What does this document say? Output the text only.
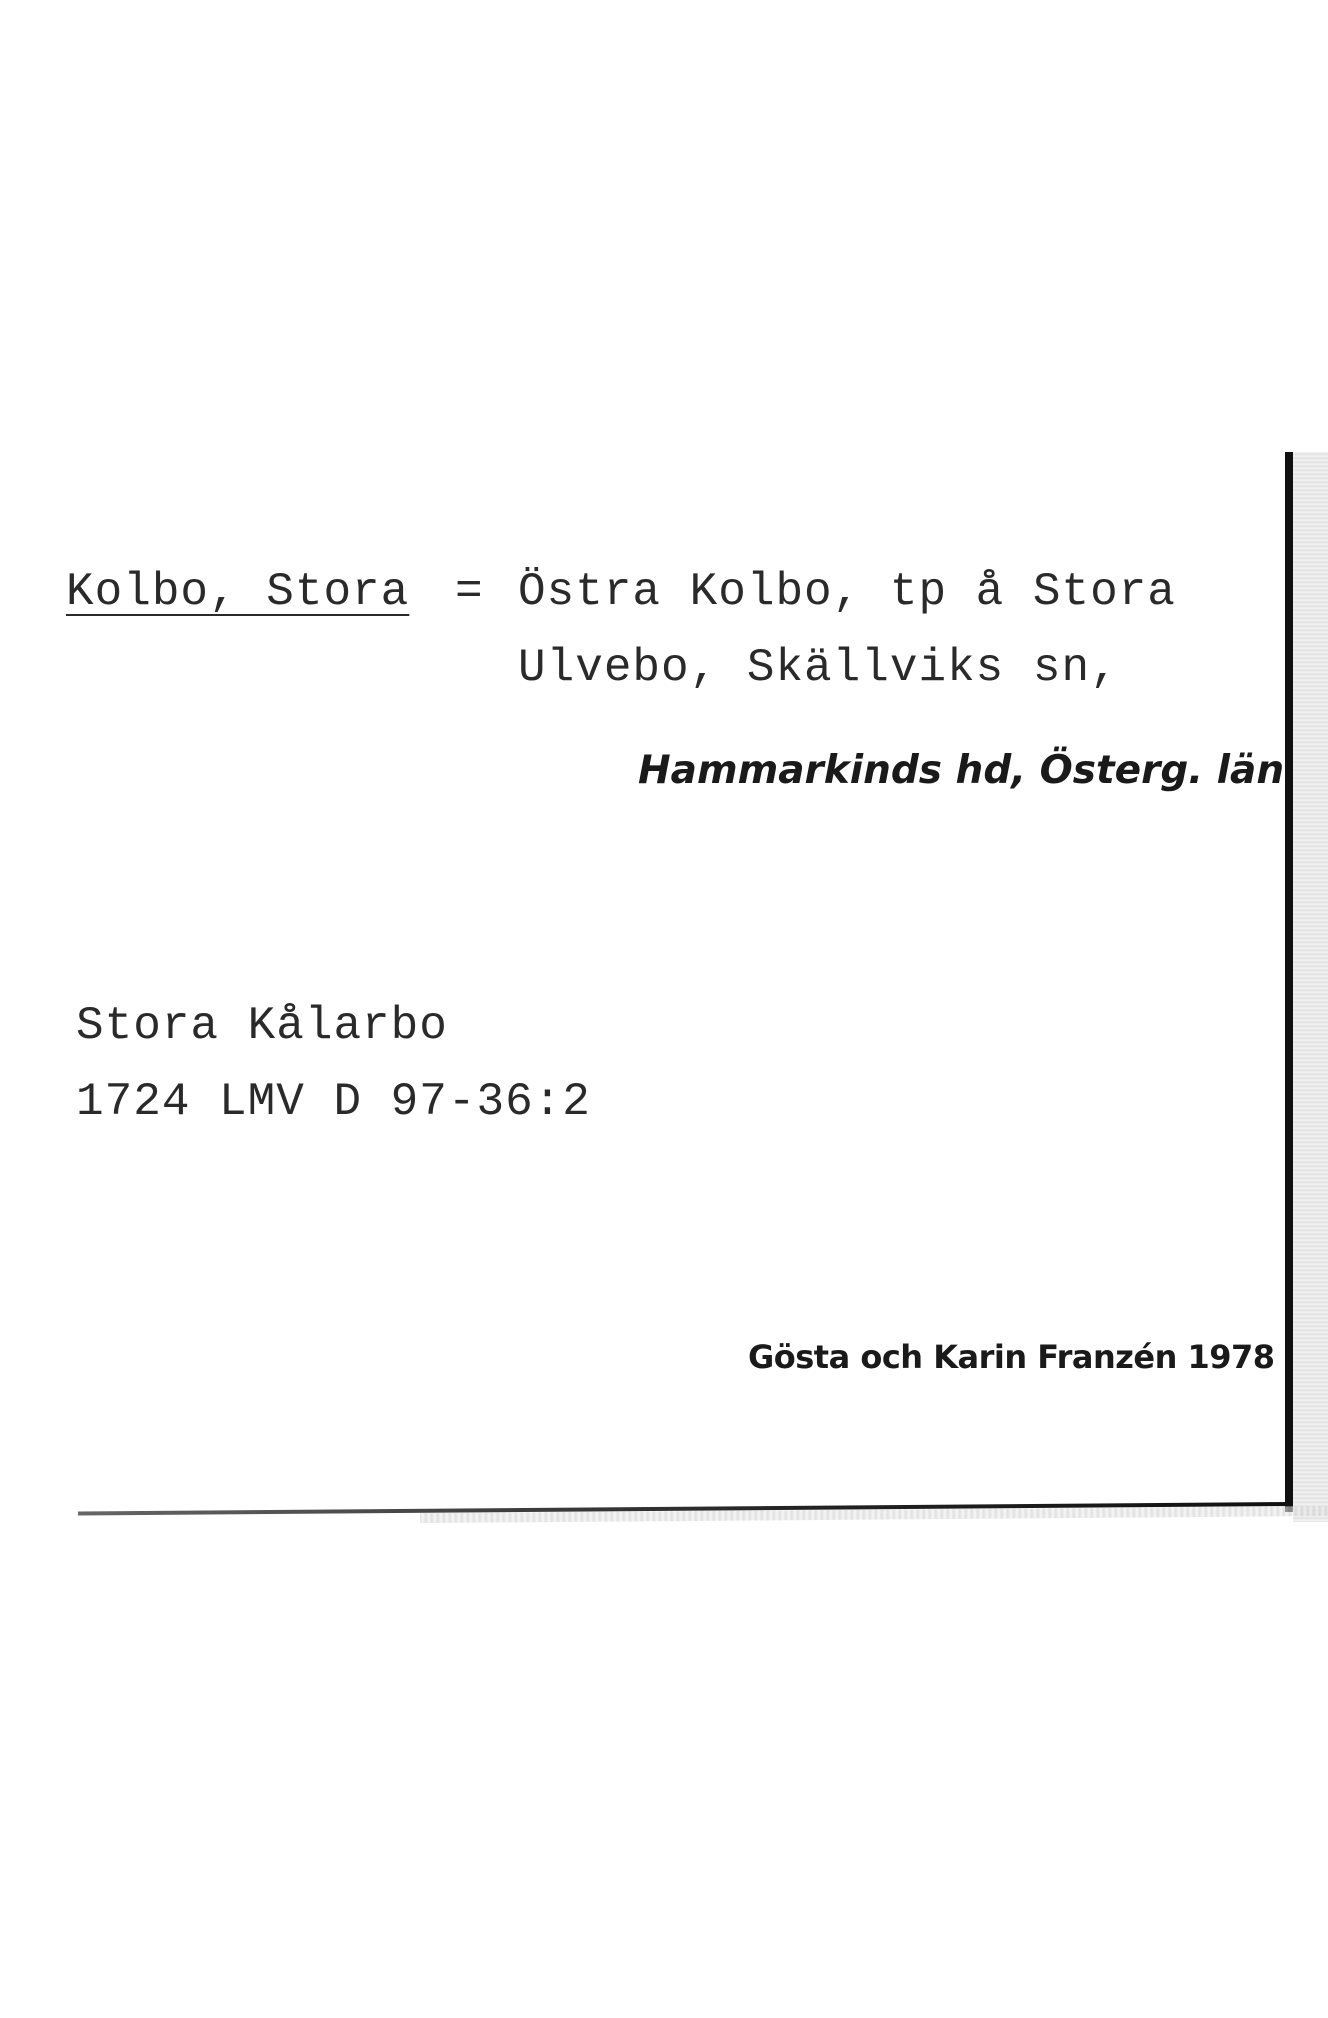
Kolbo, Stora = Östra Kolbo, tp å Stora
Ulvebo, Skällviks sn,
Hammarkinds hd, Österg. län
Stora Kålarbo
1724 LMV D 97-36:2
Gösta och Karin Franzén 1978
